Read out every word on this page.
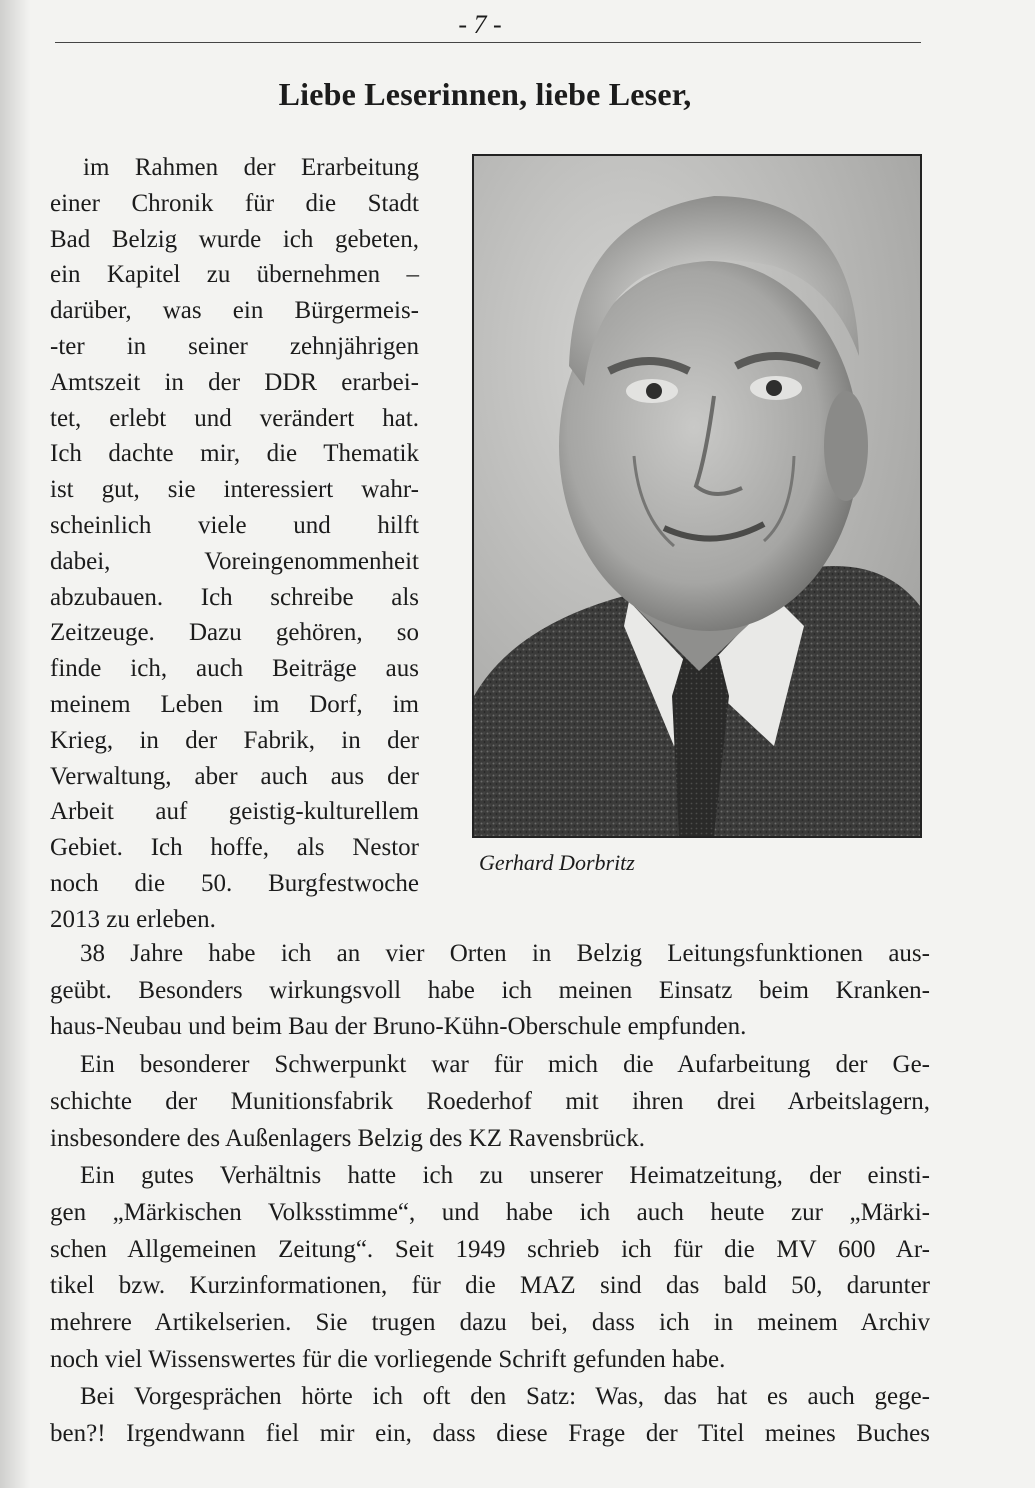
- 7 -
Liebe Leserinnen, liebe Leser,
im Rahmen der Erarbeitung
einer Chronik für die Stadt
Bad Belzig wurde ich gebeten,
ein Kapitel zu übernehmen –
darüber, was ein Bürgermeis-
-ter in seiner zehnjährigen
Amtszeit in der DDR erarbei-
tet, erlebt und verändert hat.
Ich dachte mir, die Thematik
ist gut, sie interessiert wahr-
scheinlich viele und hilft
dabei, Voreingenommenheit
abzubauen. Ich schreibe als
Zeitzeuge. Dazu gehören, so
finde ich, auch Beiträge aus
meinem Leben im Dorf, im
Krieg, in der Fabrik, in der
Verwaltung, aber auch aus der
Arbeit auf geistig-kulturellem
Gebiet. Ich hoffe, als Nestor
noch die 50. Burgfestwoche
2013 zu erleben.
Gerhard Dorbritz

38 Jahre habe ich an vier Orten in Belzig Leitungsfunktionen aus-
geübt. Besonders wirkungsvoll habe ich meinen Einsatz beim Kranken-
haus-Neubau und beim Bau der Bruno-Kühn-Oberschule empfunden.

Ein besonderer Schwerpunkt war für mich die Aufarbeitung der Ge-
schichte der Munitionsfabrik Roederhof mit ihren drei Arbeitslagern,
insbesondere des Außenlagers Belzig des KZ Ravensbrück.

Ein gutes Verhältnis hatte ich zu unserer Heimatzeitung, der einsti-
gen „Märkischen Volksstimme“, und habe ich auch heute zur „Märki-
schen Allgemeinen Zeitung“. Seit 1949 schrieb ich für die MV 600 Ar-
tikel bzw. Kurzinformationen, für die MAZ sind das bald 50, darunter
mehrere Artikelserien. Sie trugen dazu bei, dass ich in meinem Archiv
noch viel Wissenswertes für die vorliegende Schrift gefunden habe.

Bei Vorgesprächen hörte ich oft den Satz: Was, das hat es auch gege-
ben?! Irgendwann fiel mir ein, dass diese Frage der Titel meines Buches
